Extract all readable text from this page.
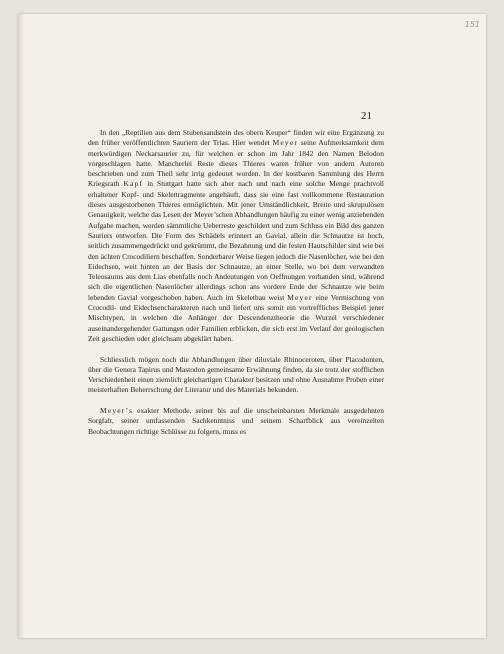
151
21

In den „Reptilien aus dem Stubensandstein des obern Keuper“ finden wir eine Ergänzung zu den früher veröffentlichten Sauriern der Trias. Hier wendet Meyer seine Aufmerksamkeit dem merkwürdigen Neckarsaurier zu, für welchen er schon im Jahr 1842 den Namen Belodon vorgeschlagen hatte. Mancherlei Reste dieses Thieres waren früher von andern Autoren beschrieben und zum Theil sehr irrig gedeutet worden. In der kostbaren Sammlung des Herrn Kriegsrath Kapf in Stuttgart hatte sich aber nach und nach eine solche Menge prachtvoll erhaltener Kopf- und Skelettragmente angehäuft, dass sie eine fast vollkommene Restauration dieses ausgestorbenen Thieres ermöglichten. Mit jener Umständlichkeit, Breite und skrupulösen Genauigkeit, welche das Lesen der Meyer’schen Abhandlungen häufig zu einer wenig anziehenden Aufgabe machen, werden sämmtliche Ueberreste geschildert und zum Schluss ein Bild des ganzen Sauriers entworfen. Die Form des Schädels erinnert an Gavial, allein die Schnautze ist hoch, seitlich zusammengedrückt und gekrümmt, die Bezahnung und die festen Hautschilder sind wie bei den ächten Crocodiliern beschaffen. Sonderbarer Weise liegen jedoch die Nasenlöcher, wie bei den Eidechsen, weit hinten an der Basis der Schnautze, an einer Stelle, wo bei dem verwandten Teleosaurus aus dem Lias ebenfalls noch Andeutungen von Oeffnungen vorhanden sind, während sich die eigentlichen Nasenlöcher allerdings schon ans vordere Ende der Schnautze wie beim lebenden Gavial vorgeschoben haben. Auch im Skeletbau weist Meyer eine Vermischung von Crocodil- und Eidechsencharakteren nach und liefert uns somit ein vortreffliches Beispiel jener Mischtypen, in welchen die Anhänger der Descendenztheorie die Wurzel verschiedener auseinandergehender Gattungen oder Familien erblicken, die sich erst im Verlauf der geologischen Zeit geschieden oder gleichsam abgeklärt haben.

Schliesslich mögen noch die Abhandlungen über diluviale Rhinoceroten, über Placodonten, über die Genera Tapirus und Mastodon gemeinsame Erwähnung finden, da sie trotz der stofflichen Verschiedenheit einen ziemlich gleichartigen Charakter besitzen und ohne Ausnahme Proben einer meisterhaften Beherrschung der Literatur und des Materials bekunden.

Meyer’s exakter Methode, seiner bis auf die unscheinbarsten Merkmale ausgedehnten Sorgfalt, seiner umfassenden Sachkenntniss und seinem Scharfblick aus vereinzelten Beobachtungen richtige Schlüsse zu folgern, muss es
